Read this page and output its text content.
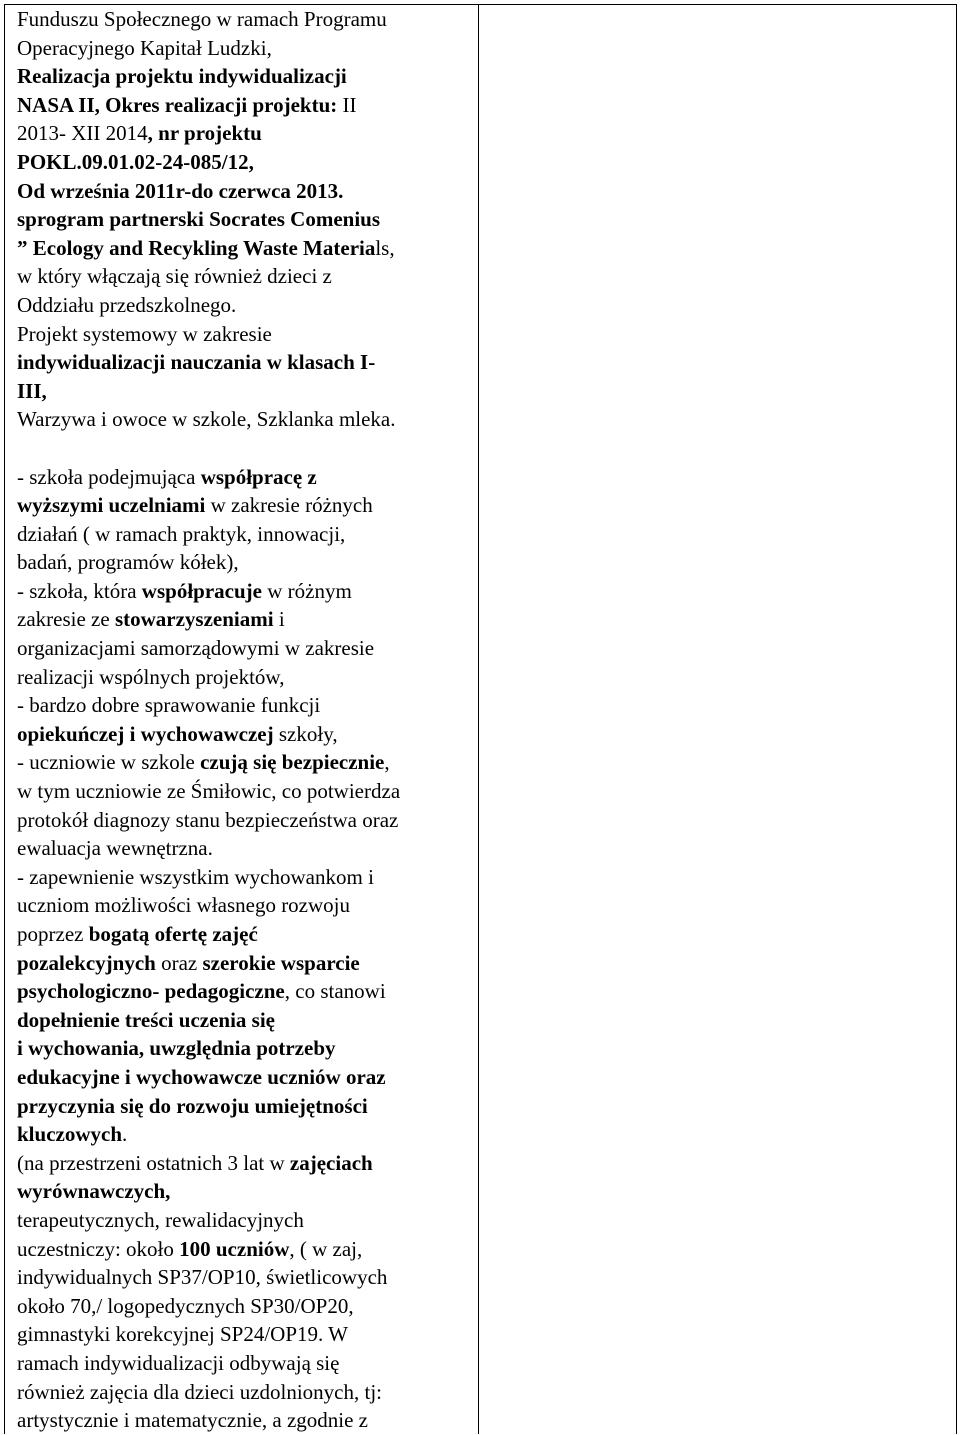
Funduszu Społecznego w ramach Programu
Operacyjnego Kapitał Ludzki,
Realizacja projektu indywidualizacji
NASA II, Okres realizacji projektu: II
2013- XII 2014, nr projektu
POKL.09.01.02-24-085/12,
Od września 2011r-do czerwca 2013.
sprogram partnerski Socrates Comenius
” Ecology and Recykling Waste Materials,
w który włączają się również dzieci z
Oddziału przedszkolnego.
Projekt systemowy w zakresie
indywidualizacji nauczania w klasach I-
III,
Warzywa i owoce w szkole, Szklanka mleka.
- szkoła podejmująca współpracę z
wyższymi uczelniami w zakresie różnych
działań ( w ramach praktyk, innowacji,
badań, programów kółek),
- szkoła, która współpracuje w różnym
zakresie ze stowarzyszeniami i
organizacjami samorządowymi w zakresie
realizacji wspólnych projektów,
- bardzo dobre sprawowanie funkcji
opiekuńczej i wychowawczej szkoły,
- uczniowie w szkole czują się bezpiecznie,
w tym uczniowie ze Śmiłowic, co potwierdza
protokół diagnozy stanu bezpieczeństwa oraz
ewaluacja wewnętrzna.
- zapewnienie wszystkim wychowankom i
uczniom możliwości własnego rozwoju
poprzez bogatą ofertę zajęć
pozalekcyjnych oraz szerokie wsparcie
psychologiczno- pedagogiczne, co stanowi
dopełnienie treści uczenia się
i wychowania, uwzględnia potrzeby
edukacyjne i wychowawcze uczniów oraz
przyczynia się do rozwoju umiejętności
kluczowych.
(na przestrzeni ostatnich 3 lat w zajęciach
wyrównawczych,
terapeutycznych, rewalidacyjnych
uczestniczy: około 100 uczniów, ( w zaj,
indywidualnych SP37/OP10, świetlicowych
około 70,/ logopedycznych SP30/OP20,
gimnastyki korekcyjnej SP24/OP19. W
ramach indywidualizacji odbywają się
również zajęcia dla dzieci uzdolnionych, tj:
artystycznie i matematycznie, a zgodnie z
